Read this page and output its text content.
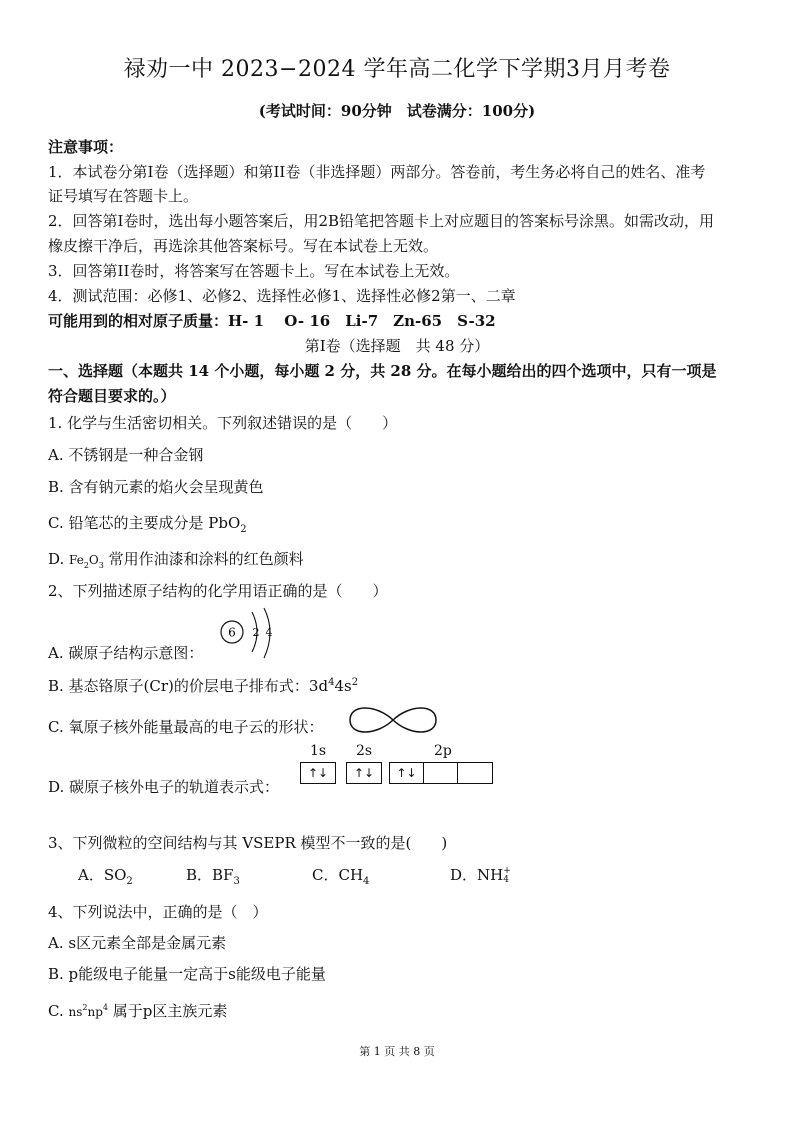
禄劝一中 2023−2024 学年高二化学下学期3月月考卷
(考试时间：90分钟　试卷满分：100分)
注意事项：
1．本试卷分第I卷（选择题）和第II卷（非选择题）两部分。答卷前，考生务必将自己的姓名、准考
证号填写在答题卡上。
2．回答第I卷时，选出每小题答案后，用2B铅笔把答题卡上对应题目的答案标号涂黑。如需改动，用
橡皮擦干净后，再选涂其他答案标号。写在本试卷上无效。
3．回答第II卷时，将答案写在答题卡上。写在本试卷上无效。
4．测试范围：必修1、必修2、选择性必修1、选择性必修2第一、二章
可能用到的相对原子质量：H- 1　 O- 16　Li-7　Zn-65　S-32
第I卷（选择题　共 48 分）
一、选择题（本题共 14 个小题，每小题 2 分，共 28 分。在每小题给出的四个选项中，只有一项是
符合题目要求的。）
1. 化学与生活密切相关。下列叙述错误的是（　　）
A. 不锈钢是一种合金钢
B. 含有钠元素的焰火会呈现黄色
C. 铅笔芯的主要成分是 PbO$_2$
D. $Fe_2O_3$ 常用作油漆和涂料的红色颜料
2、下列描述原子结构的化学用语正确的是（　　）
A. 碳原子结构示意图：
6 2 4
B. 基态铬原子(Cr)的价层电子排布式：$3d^44s^2$
C. 氧原子核外能量最高的电子云的形状：
1s 2s	2p
D. 碳原子核外电子的轨道表示式：
↑↓	↑↓	↑↓
3、下列微粒的空间结构与其 VSEPR 模型不一致的是(　　)
A．$SO_2$	B．$BF_3$	C．$CH_4$	D．NH +
4
4、下列说法中，正确的是（　）
A. s区元素全部是金属元素
B. p能级电子能量一定高于s能级电子能量
C. $ns^2np^4$ 属于p区主族元素
第 1 页 共 8 页
